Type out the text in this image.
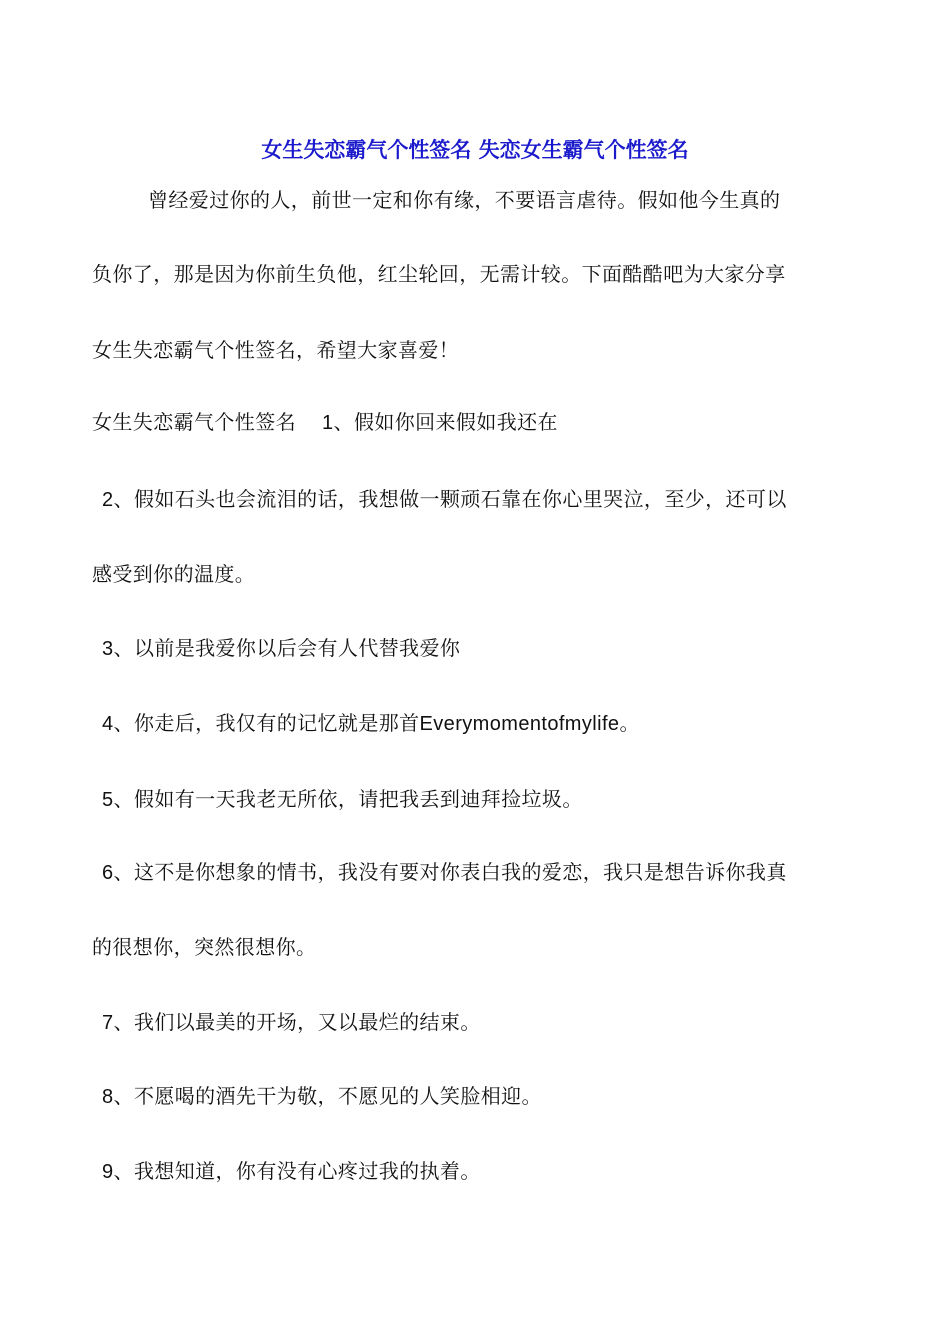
女生失恋霸气个性签名 失恋女生霸气个性签名
曾经爱过你的人，前世一定和你有缘，不要语言虐待。假如他今生真的
负你了，那是因为你前生负他，红尘轮回，无需计较。下面酷酷吧为大家分享
女生失恋霸气个性签名，希望大家喜爱！
女生失恋霸气个性签名 1、假如你回来假如我还在
2、假如石头也会流泪的话，我想做一颗顽石靠在你心里哭泣，至少，还可以
感受到你的温度。
3、以前是我爱你以后会有人代替我爱你
4、你走后，我仅有的记忆就是那首Everymomentofmylife。
5、假如有一天我老无所依，请把我丢到迪拜捡垃圾。
6、这不是你想象的情书，我没有要对你表白我的爱恋，我只是想告诉你我真
的很想你，突然很想你。
7、我们以最美的开场，又以最烂的结束。
8、不愿喝的酒先干为敬，不愿见的人笑脸相迎。
9、我想知道，你有没有心疼过我的执着。
